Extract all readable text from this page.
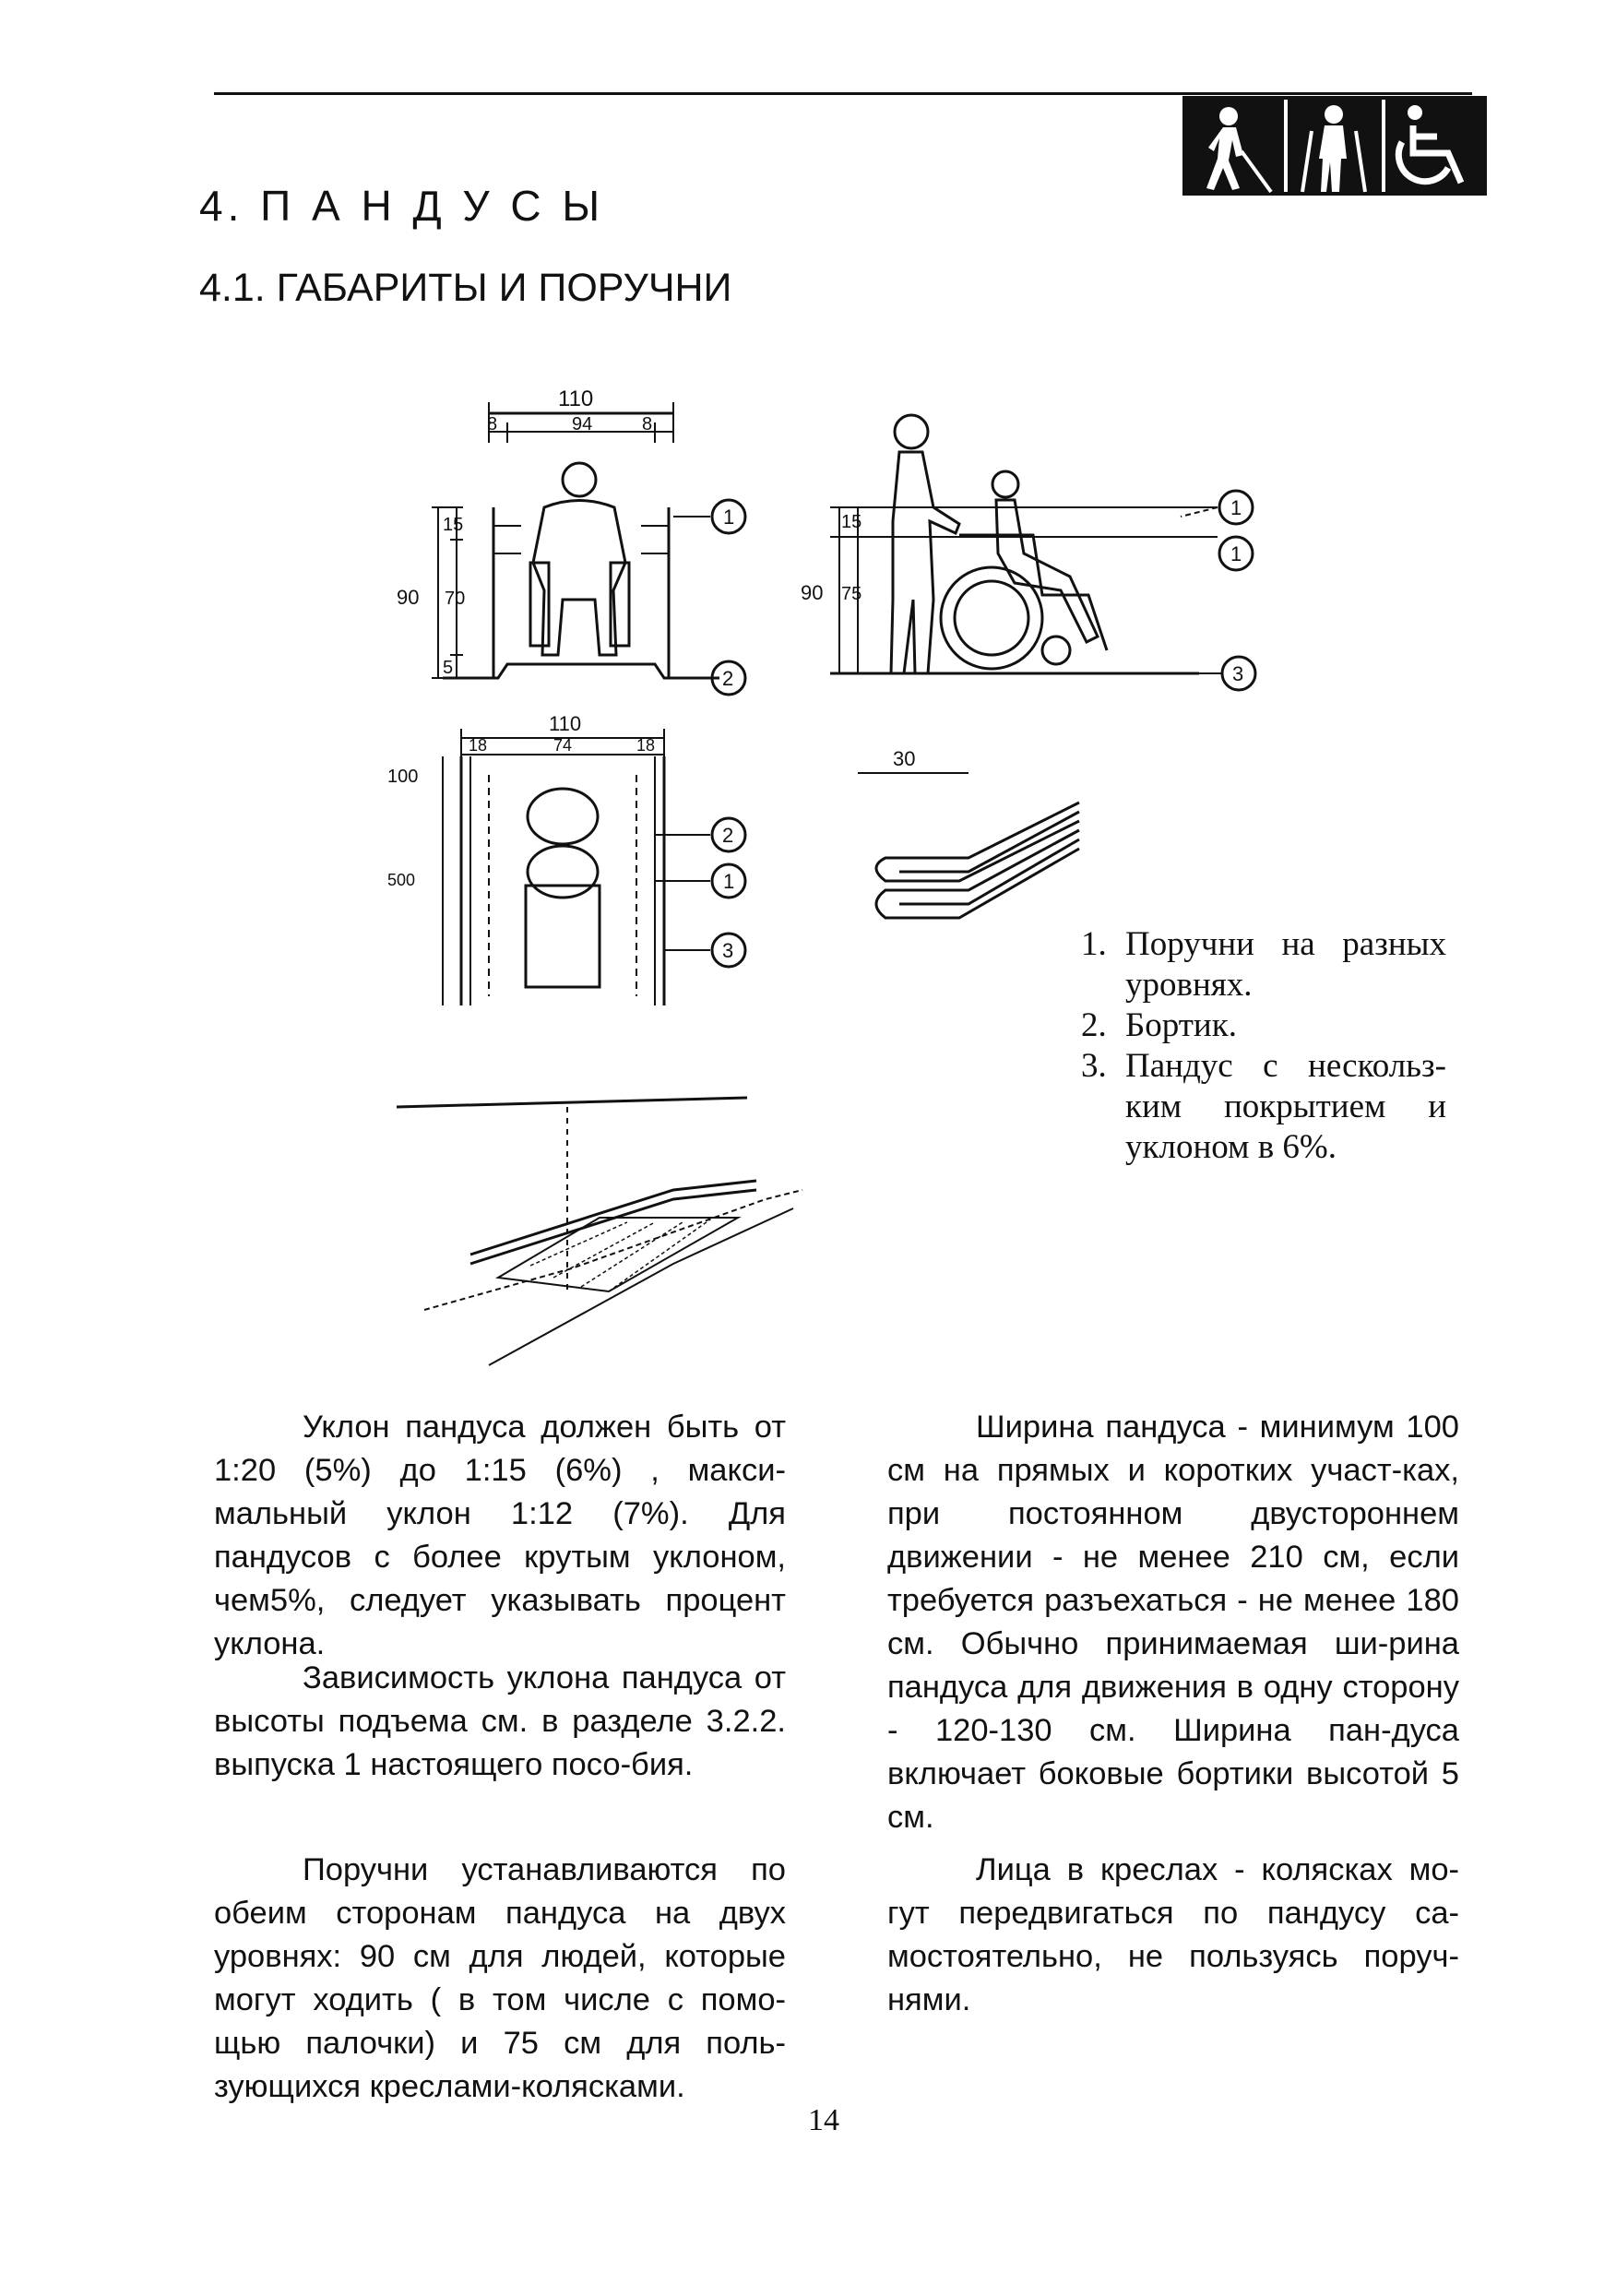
4. П А Н Д У С Ы
4.1. ГАБАРИТЫ И ПОРУЧНИ
110
8	94	8
15
70
5
90
1
2
15
75
90
1
1
3
110
18	74	18
100
500
2
1
3
30
1. Поручни на разных уровнях.
2. Бортик.
3. Пандус с нескольз-ким покрытием и уклоном в 6%.

Уклон пандуса должен быть от 1:20 (5%) до 1:15 (6%) , макси-мальный уклон 1:12 (7%). Для пандусов с более крутым уклоном, чем5%, следует указывать процент уклона.

Зависимость уклона пандуса от высоты подъема см. в разделе 3.2.2. выпуска 1 настоящего посо-бия.

Поручни устанавливаются по обеим сторонам пандуса на двух уровнях: 90 см для людей, которые могут ходить ( в том числе с помо-щью палочки) и 75 см для поль-зующихся креслами-колясками.

Ширина пандуса - минимум 100 см на прямых и коротких участ-ках, при постоянном двустороннем движении - не менее 210 см, если требуется разъехаться - не менее 180 см. Обычно принимаемая ши-рина пандуса для движения в одну сторону - 120-130 см. Ширина пан-дуса включает боковые бортики высотой 5 см.

Лица в креслах - колясках мо-гут передвигаться по пандусу са-мостоятельно, не пользуясь поруч-нями.

14
